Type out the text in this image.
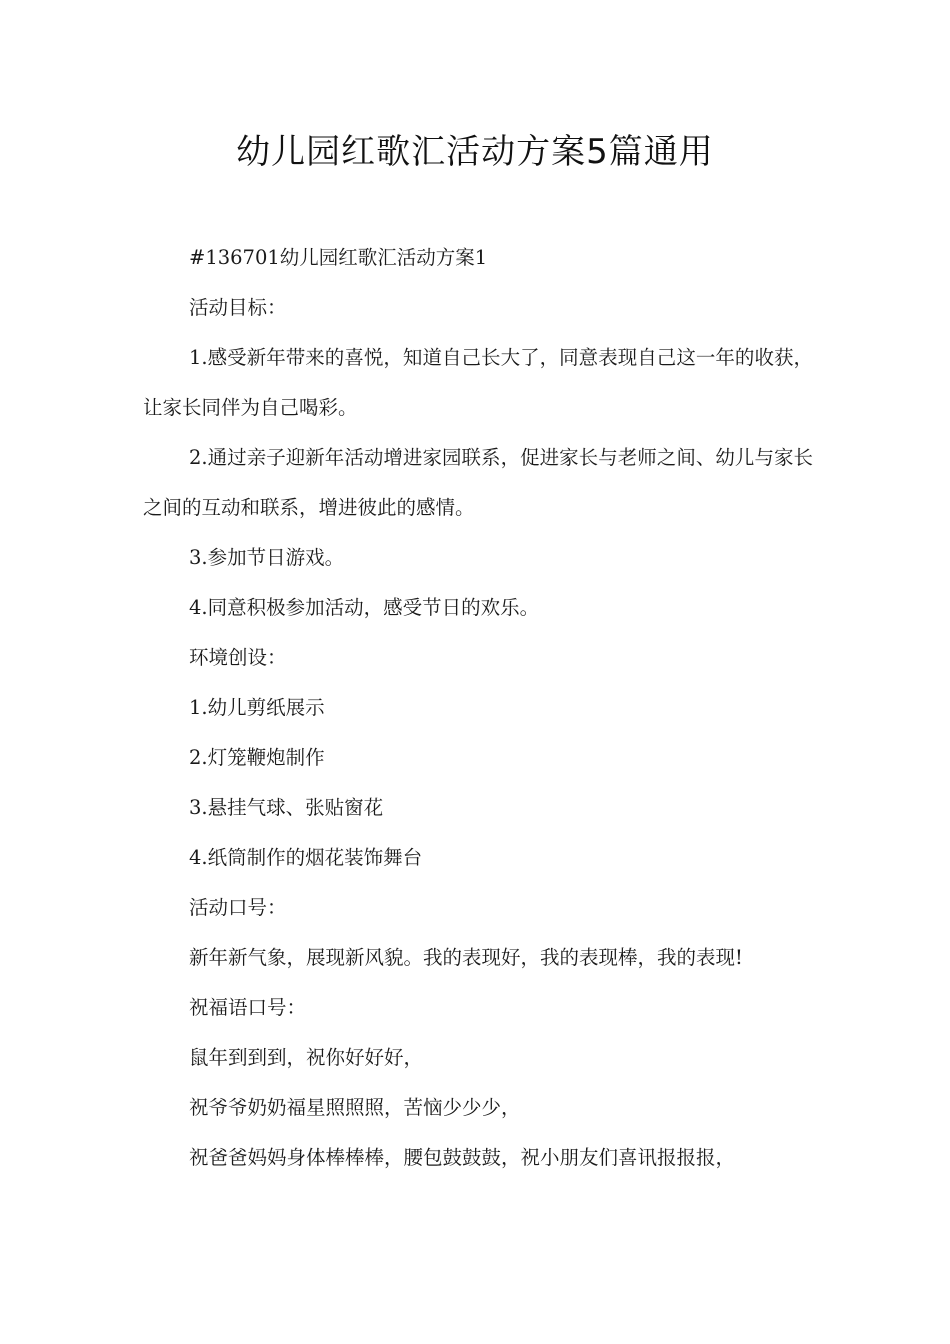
幼儿园红歌汇活动方案5篇通用

#136701幼儿园红歌汇活动方案1

活动目标：

1.感受新年带来的喜悦，知道自己长大了，同意表现自己这一年的收获，让家长同伴为自己喝彩。

2.通过亲子迎新年活动增进家园联系，促进家长与老师之间、幼儿与家长之间的互动和联系，增进彼此的感情。

3.参加节日游戏。

4.同意积极参加活动，感受节日的欢乐。

环境创设：

1.幼儿剪纸展示

2.灯笼鞭炮制作

3.悬挂气球、张贴窗花

4.纸筒制作的烟花装饰舞台

活动口号：

新年新气象，展现新风貌。我的表现好，我的表现棒，我的表现!

祝福语口号：

鼠年到到到，祝你好好好，

祝爷爷奶奶福星照照照，苦恼少少少，

祝爸爸妈妈身体棒棒棒，腰包鼓鼓鼓，祝小朋友们喜讯报报报，
